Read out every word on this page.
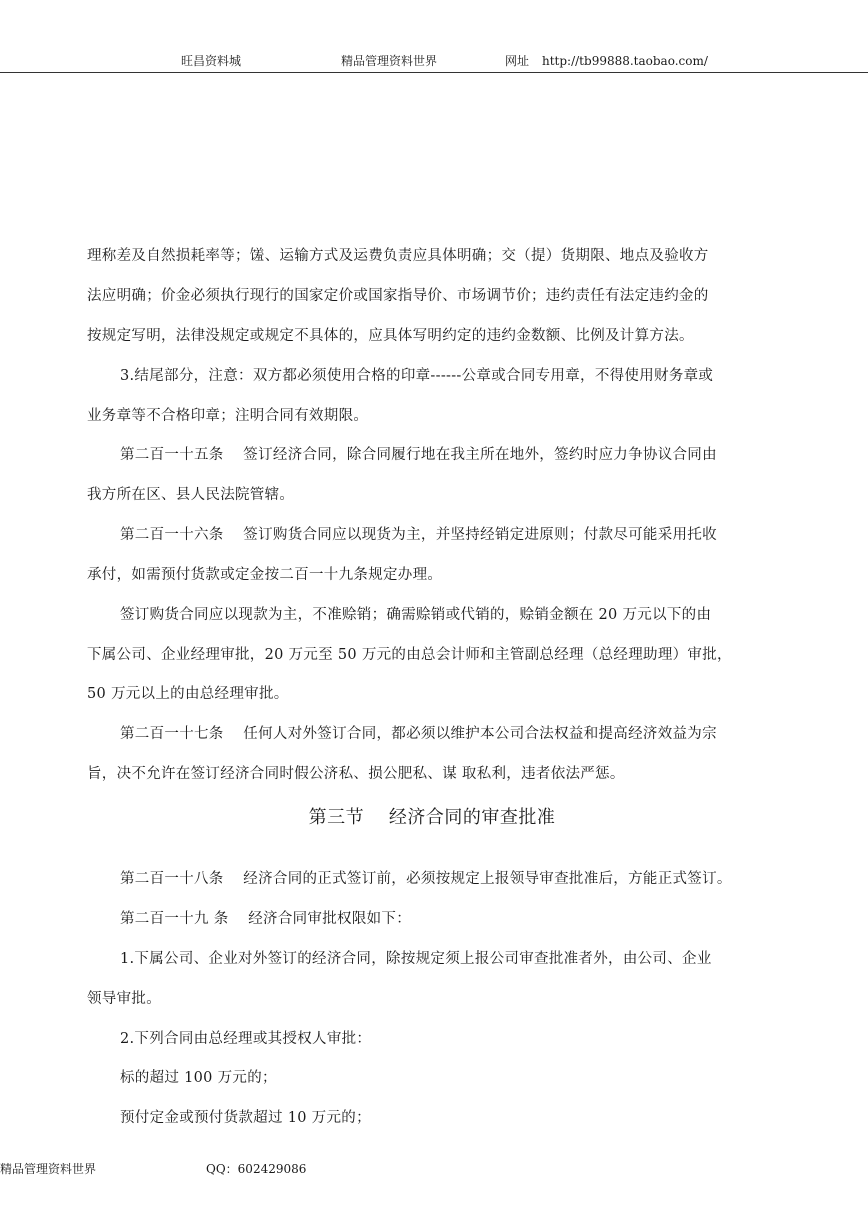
旺昌资料城	精品管理资料世界	网址 http://tb99888.taobao.com/
理称差及自然损耗率等；馐、运输方式及运费负责应具体明确；交（提）货期限、地点及验收方
法应明确；价金必须执行现行的国家定价或国家指导价、市场调节价；违约责任有法定违约金的
按规定写明，法律没规定或规定不具体的，应具体写明约定的违约金数额、比例及计算方法。
3.结尾部分，注意：双方都必须使用合格的印章------公章或合同专用章，不得使用财务章或
业务章等不合格印章；注明合同有效期限。
第二百一十五条　 签订经济合同，除合同履行地在我主所在地外，签约时应力争协议合同由
我方所在区、县人民法院管辖。
第二百一十六条　 签订购货合同应以现货为主，并坚持经销定进原则；付款尽可能采用托收
承付，如需预付货款或定金按二百一十九条规定办理。
签订购货合同应以现款为主，不准赊销；确需赊销或代销的，赊销金额在 20 万元以下的由
下属公司、企业经理审批，20 万元至 50 万元的由总会计师和主管副总经理（总经理助理）审批，
50 万元以上的由总经理审批。
第二百一十七条　 任何人对外签订合同，都必须以维护本公司合法权益和提高经济效益为宗
旨，决不允许在签订经济合同时假公济私、损公肥私、谋 取私利，违者依法严惩。
第三节　 经济合同的审查批准
第二百一十八条　 经济合同的正式签订前，必须按规定上报领导审查批准后，方能正式签订。
第二百一十九 条　 经济合同审批权限如下：
1.下属公司、企业对外签订的经济合同，除按规定须上报公司审查批准者外，由公司、企业
领导审批。
2.下列合同由总经理或其授权人审批：
标的超过 100 万元的；
预付定金或预付货款超过 10 万元的；
精品管理资料世界	QQ：602429086
